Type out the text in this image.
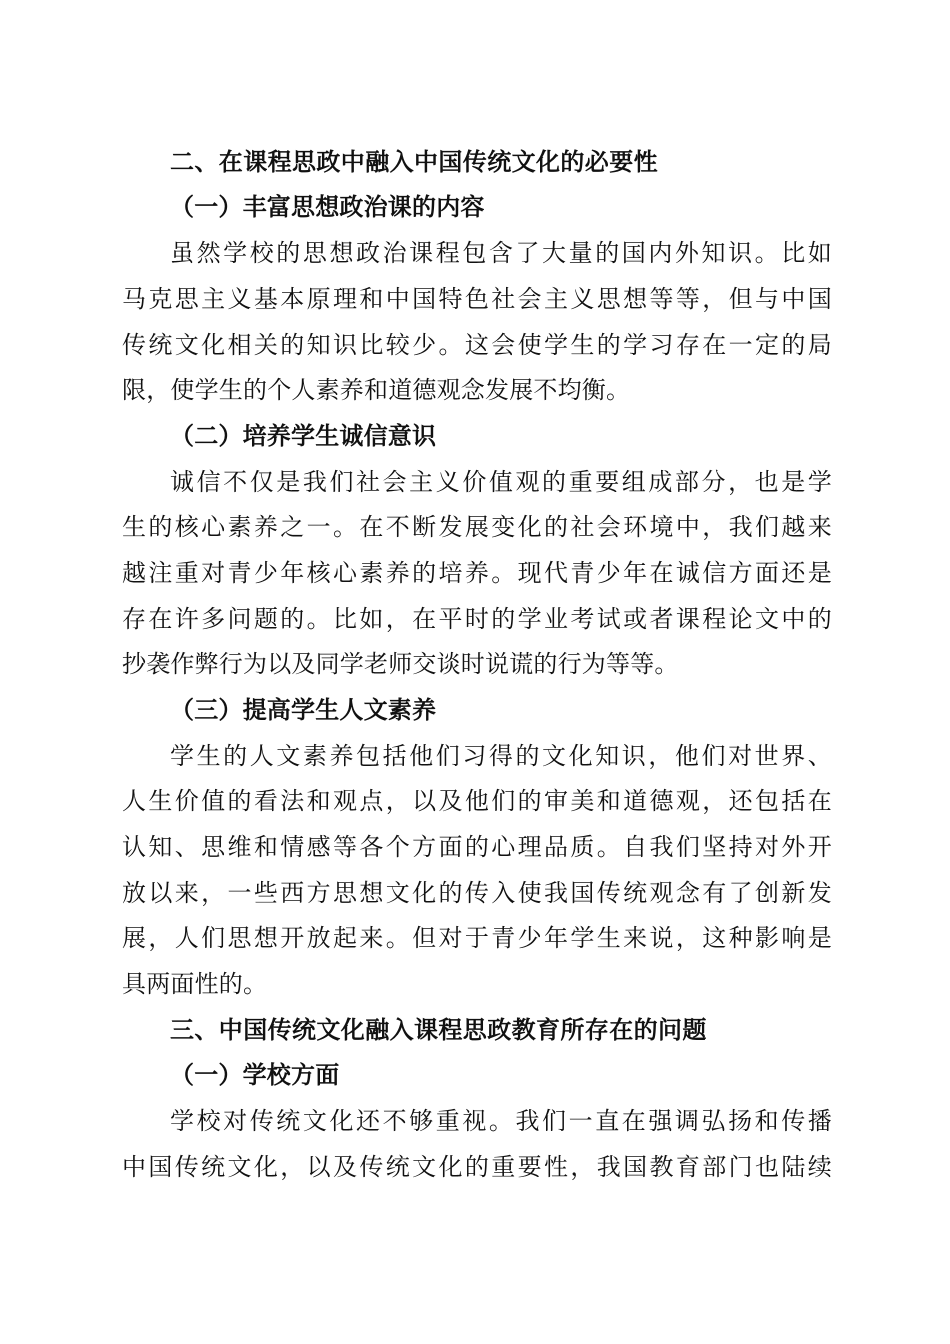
二、在课程思政中融入中国传统文化的必要性
（一）丰富思想政治课的内容
虽然学校的思想政治课程包含了大量的国内外知识。比如
马克思主义基本原理和中国特色社会主义思想等等，但与中国
传统文化相关的知识比较少。这会使学生的学习存在一定的局
限，使学生的个人素养和道德观念发展不均衡。
（二）培养学生诚信意识
诚信不仅是我们社会主义价值观的重要组成部分，也是学
生的核心素养之一。在不断发展变化的社会环境中，我们越来
越注重对青少年核心素养的培养。现代青少年在诚信方面还是
存在许多问题的。比如，在平时的学业考试或者课程论文中的
抄袭作弊行为以及同学老师交谈时说谎的行为等等。
（三）提高学生人文素养
学生的人文素养包括他们习得的文化知识，他们对世界、
人生价值的看法和观点，以及他们的审美和道德观，还包括在
认知、思维和情感等各个方面的心理品质。自我们坚持对外开
放以来，一些西方思想文化的传入使我国传统观念有了创新发
展，人们思想开放起来。但对于青少年学生来说，这种影响是
具两面性的。
三、中国传统文化融入课程思政教育所存在的问题
（一）学校方面
学校对传统文化还不够重视。我们一直在强调弘扬和传播
中国传统文化，以及传统文化的重要性，我国教育部门也陆续
